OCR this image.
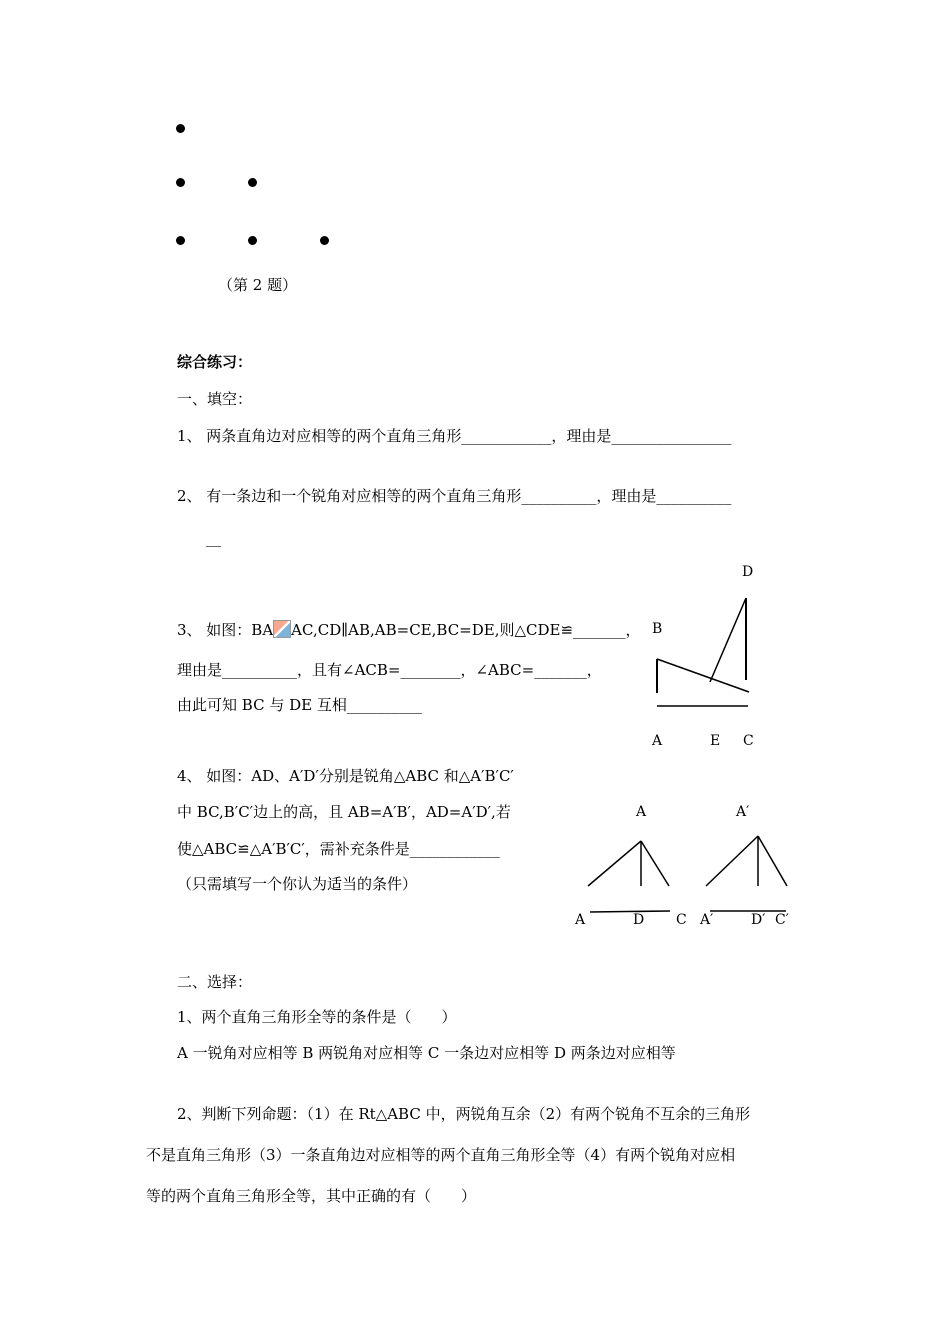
（第 2 题）
综合练习：
一、填空：
1、 两条直角边对应相等的两个直角三角形____________，理由是________________
2、 有一条边和一个锐角对应相等的两个直角三角形__________，理由是__________
__
3、 如图：BA AC,CD∥AB,AB=CE,BC=DE,则△CDE≌_______，
理由是__________，且有∠ACB=________，∠ABC=_______，
由此可知 BC 与 DE 互相__________
D
B
A	E C
4、 如图：AD、A′D′分别是锐角△ABC 和△A′B′C′
中 BC,B′C′边上的高，且 AB=A′B′，AD=A′D′,若
使△ABC≌△A′B′C′，需补充条件是____________
（只需填写一个你认为适当的条件）
A	A′
A	D C A′	D′ C′
二、选择：
1、两个直角三角形全等的条件是（　　）
A 一锐角对应相等 B 两锐角对应相等 C 一条边对应相等 D 两条边对应相等
2、判断下列命题：（1）在 Rt△ABC 中，两锐角互余（2）有两个锐角不互余的三角形
不是直角三角形（3）一条直角边对应相等的两个直角三角形全等（4）有两个锐角对应相
等的两个直角三角形全等，其中正确的有（　　）
